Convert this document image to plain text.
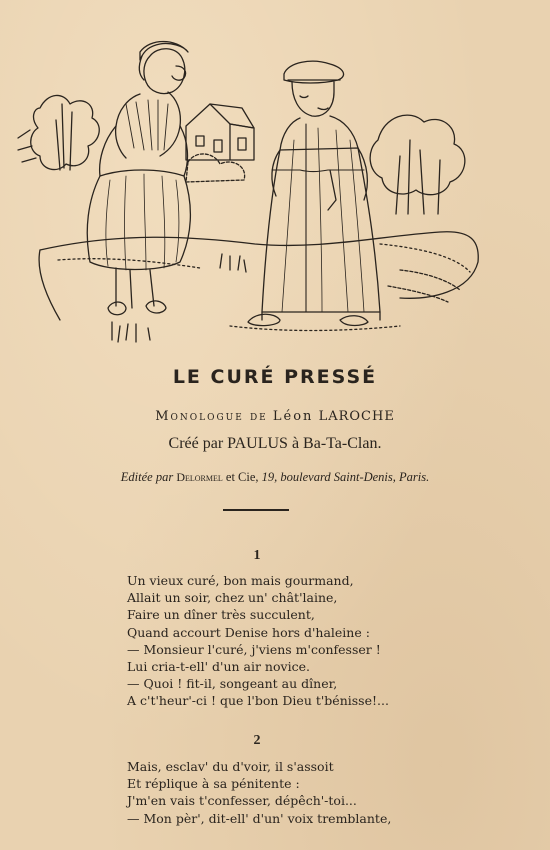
LE CURÉ PRESSÉ
Monologue de Léon LAROCHE
Créé par PAULUS à Ba-Ta-Clan.
Editée par Delormel et Cie, 19, boulevard Saint-Denis, Paris.
1
Un vieux curé, bon mais gourmand,
Allait un soir, chez un' chât'laine,
Faire un dîner très succulent,
Quand accourt Denise hors d'haleine :
— Monsieur l'curé, j'viens m'confesser !
Lui cria-t-ell' d'un air novice.
— Quoi ! fit-il, songeant au dîner,
A c't'heur'-ci ! que l'bon Dieu t'bénisse!...
2
Mais, esclav' du d'voir, il s'assoit
Et réplique à sa pénitente :
J'm'en vais t'confesser, dépêch'-toi...
— Mon pèr', dit-ell' d'un' voix tremblante,
